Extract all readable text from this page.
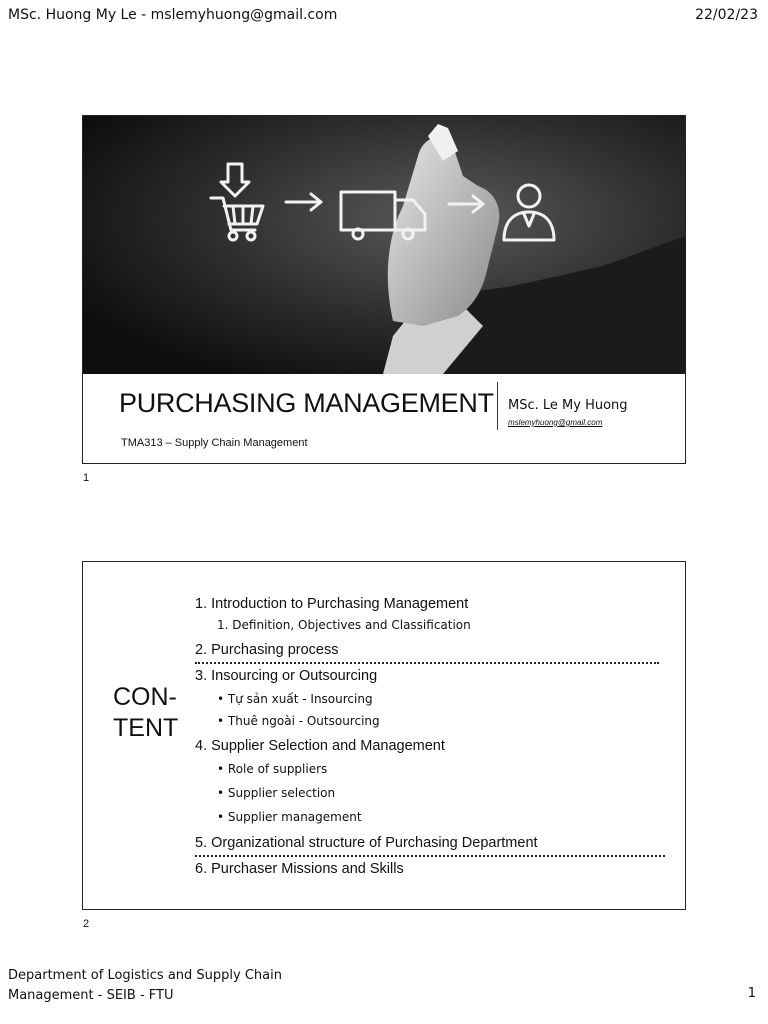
MSc. Huong My Le - mslemyhuong@gmail.com	22/02/23
PURCHASING MANAGEMENT
TMA313 – Supply Chain Management
MSc. Le My Huong
mslemyhuong@gmail.com
1
CON-
TENT
1. Introduction to Purchasing Management
1. Definition, Objectives and Classification
2. Purchasing process
3. Insourcing or Outsourcing
• Tự sản xuất - Insourcing
• Thuê ngoài - Outsourcing
4. Supplier Selection and Management
• Role of suppliers
• Supplier selection
• Supplier management
5. Organizational structure of Purchasing Department
6. Purchaser Missions and Skills
2
Department of Logistics and Supply Chain
Management - SEIB - FTU	1
